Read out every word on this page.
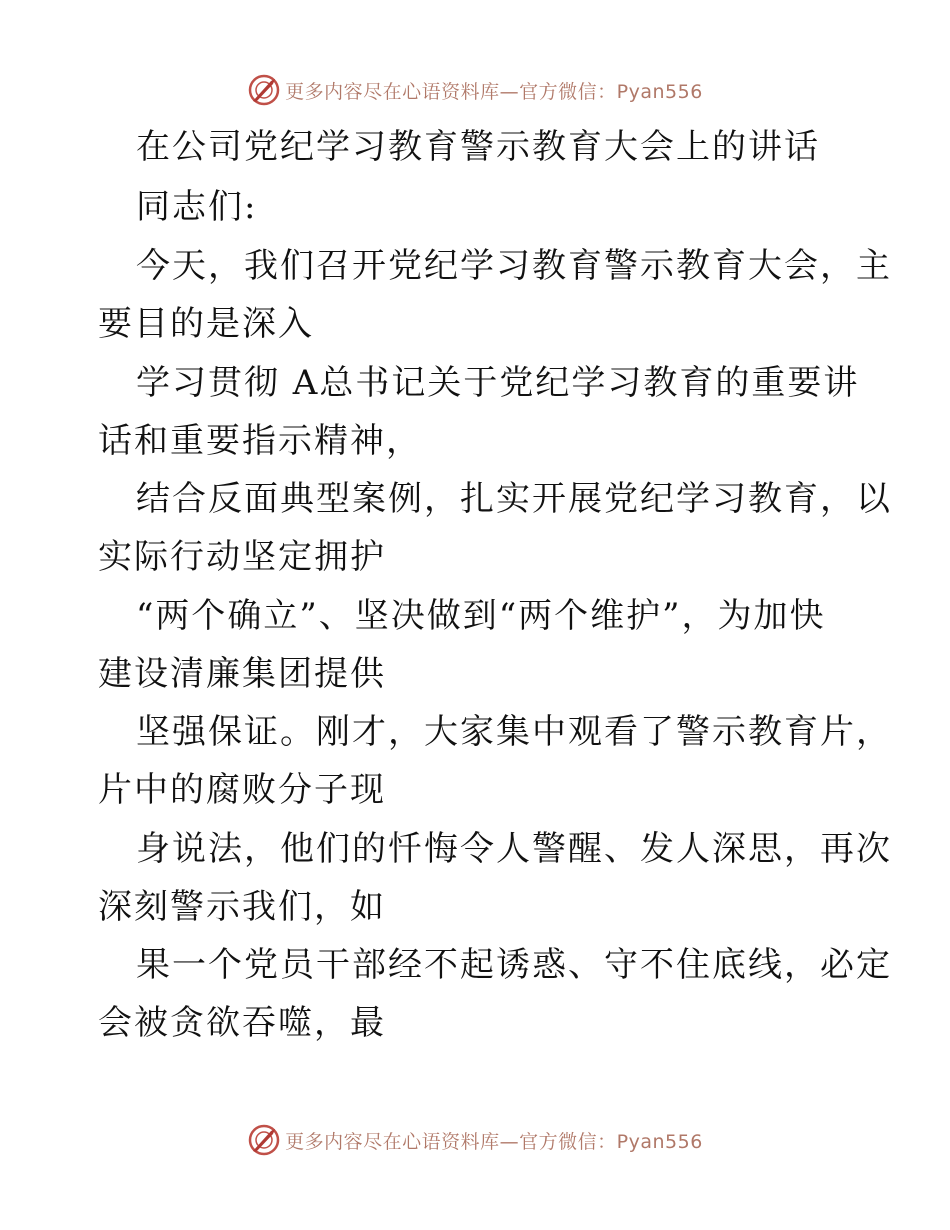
更多内容尽在心语资料库—官方微信：Pyan556
在公司党纪学习教育警示教育大会上的讲话
同志们:
今天，我们召开党纪学习教育警示教育大会，主
要目的是深入
学习贯彻 A总书记关于党纪学习教育的重要讲
话和重要指示精神，
结合反面典型案例，扎实开展党纪学习教育，以
实际行动坚定拥护
“两个确立”、坚决做到“两个维护”，为加快
建设清廉集团提供
坚强保证。刚才，大家集中观看了警示教育片，
片中的腐败分子现
身说法，他们的忏悔令人警醒、发人深思，再次
深刻警示我们，如
果一个党员干部经不起诱惑、守不住底线，必定
会被贪欲吞噬，最
更多内容尽在心语资料库—官方微信：Pyan556
